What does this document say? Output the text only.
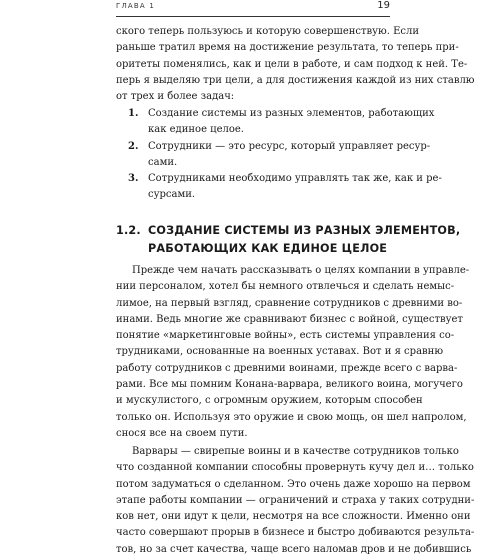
ГЛАВА 1	19
ского теперь пользуюсь и которую совершенствую. Если
раньше тратил время на достижение результата, то теперь при-
оритеты поменялись, как и цели в работе, и сам подход к ней. Те-
перь я выделяю три цели, а для достижения каждой из них ставлю
от трех и более задач:
1. Создание системы из разных элементов, работающих
как единое целое.
2. Сотрудники — это ресурс, который управляет ресур-
сами.
3. Сотрудниками необходимо управлять так же, как и ре-
сурсами.
1.2. СОЗДАНИЕ СИСТЕМЫ ИЗ РАЗНЫХ ЭЛЕМЕНТОВ,
РАБОТАЮЩИХ КАК ЕДИНОЕ ЦЕЛОЕ
Прежде чем начать рассказывать о целях компании в управле-
нии персоналом, хотел бы немного отвлечься и сделать немыс-
лимое, на первый взгляд, сравнение сотрудников с древними во-
инами. Ведь многие же сравнивают бизнес с войной, существует
понятие «маркетинговые войны», есть системы управления со-
трудниками, основанные на военных уставах. Вот и я сравню
работу сотрудников с древними воинами, прежде всего с варва-
рами. Все мы помним Конана-варвара, великого воина, могучего
и мускулистого, с огромным оружием, которым способен
только он. Используя это оружие и свою мощь, он шел напролом,
снося все на своем пути.
Варвары — свирепые воины и в качестве сотрудников только
что созданной компании способны провернуть кучу дел и… только
потом задуматься о сделанном. Это очень даже хорошо на первом
этапе работы компании — ограничений и страха у таких сотрудни-
ков нет, они идут к цели, несмотря на все сложности. Именно они
часто совершают прорыв в бизнесе и быстро добиваются результа-
тов, но за счет качества, чаще всего наломав дров и не добившись
